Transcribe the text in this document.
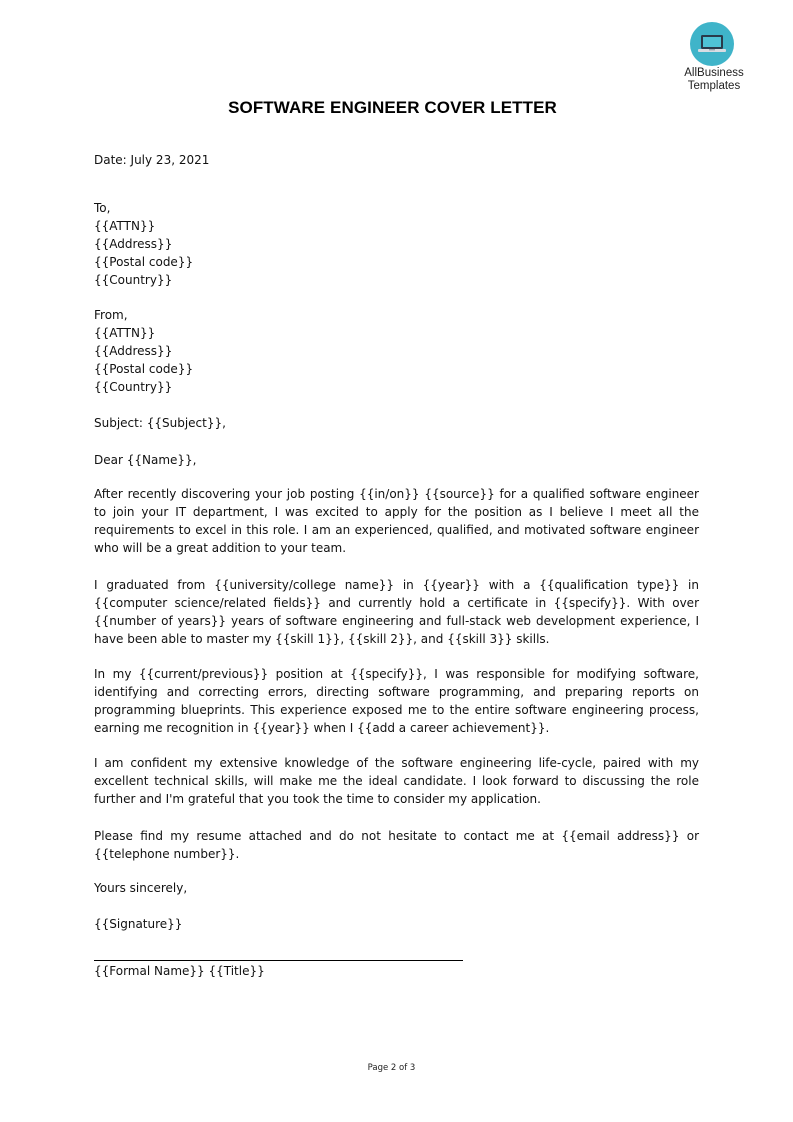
AllBusiness
Templates
SOFTWARE ENGINEER COVER LETTER
Date: July 23, 2021
To,
{{ATTN}}
{{Address}}
{{Postal code}}
{{Country}}
From,
{{ATTN}}
{{Address}}
{{Postal code}}
{{Country}}
Subject: {{Subject}},
Dear {{Name}},
After recently discovering your job posting {{in/on}} {{source}} for a qualified software engineer to join your IT department, I was excited to apply for the position as I believe I meet all the requirements to excel in this role. I am an experienced, qualified, and motivated software engineer who will be a great addition to your team.
I graduated from {{university/college name}} in {{year}} with a {{qualification type}} in {{computer science/related fields}} and currently hold a certificate in {{specify}}. With over {{number of years}} years of software engineering and full-stack web development experience, I have been able to master my {{skill 1}}, {{skill 2}}, and {{skill 3}} skills.
In my {{current/previous}} position at {{specify}}, I was responsible for modifying software, identifying and correcting errors, directing software programming, and preparing reports on programming blueprints. This experience exposed me to the entire software engineering process, earning me recognition in {{year}} when I {{add a career achievement}}.
I am confident my extensive knowledge of the software engineering life-cycle, paired with my excellent technical skills, will make me the ideal candidate. I look forward to discussing the role further and I'm grateful that you took the time to consider my application.
Please find my resume attached and do not hesitate to contact me at {{email address}} or {{telephone number}}.
Yours sincerely,
{{Signature}}
{{Formal Name}} {{Title}}
Page 2 of 3
